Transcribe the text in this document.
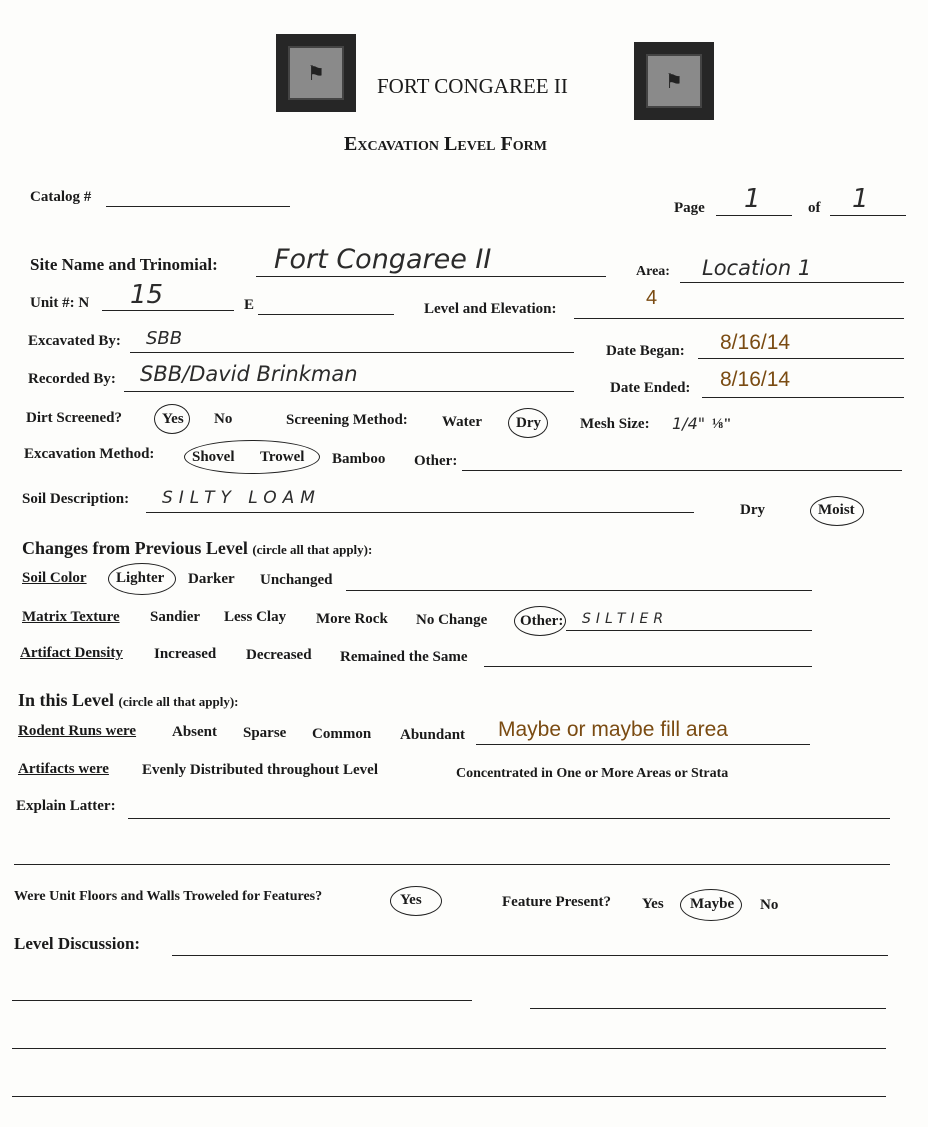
⚑	⚑
FORT CONGAREE II
Excavation Level Form
Catalog #
Page 1	of 1
Site Name and Trinomial: Fort Congaree II	Area: Location 1
Unit #: N 15	E	Level and Elevation:	4
Excavated By: SBB
Date Began: 8/16/14
Recorded By: SBB/David Brinkman
Date Ended: 8/16/14
Dirt Screened?	Yes No	Screening Method: Water Dry	Mesh Size: 1/4" ⅛"
Excavation Method:	Shovel Trowel Bamboo Other:
Soil Description: SILTY LOAM
Dry	Moist
Changes from Previous Level (circle all that apply):
Soil Color Lighter Darker Unchanged
Matrix Texture Sandier Less Clay More Rock No Change Other: SILTIER
Artifact Density Increased Decreased Remained the Same
In this Level (circle all that apply):
Rodent Runs were Absent Sparse Common Abundant Maybe or maybe fill area
Artifacts were Evenly Distributed throughout Level	Concentrated in One or More Areas or Strata
Explain Latter:
Were Unit Floors and Walls Troweled for Features?	Yes	Feature Present? Yes Maybe No
Level Discussion:
